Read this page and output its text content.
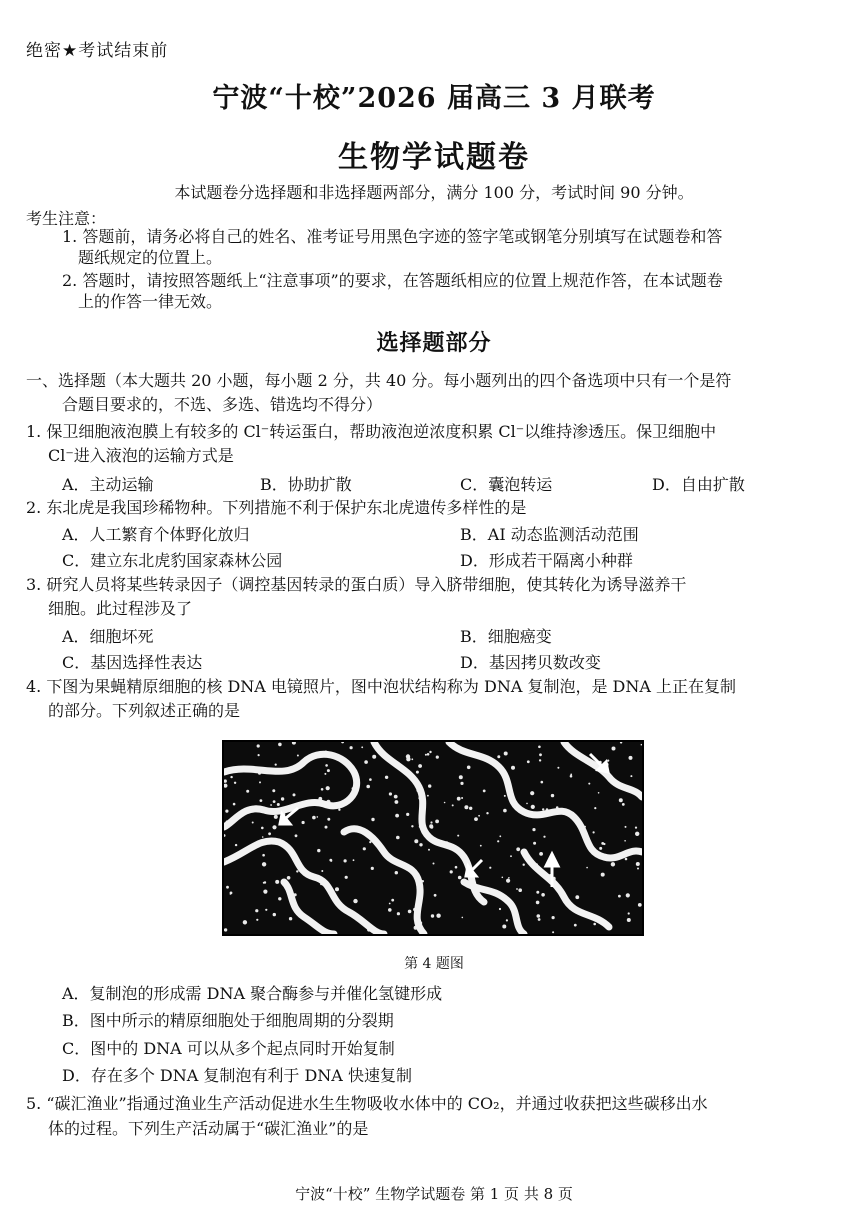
绝密★考试结束前
宁波“十校”2026 届高三 3 月联考
生物学试题卷
本试题卷分选择题和非选择题两部分，满分 100 分，考试时间 90 分钟。
考生注意：
1. 答题前，请务必将自己的姓名、准考证号用黑色字迹的签字笔或钢笔分别填写在试题卷和答
题纸规定的位置上。
2. 答题时，请按照答题纸上“注意事项”的要求，在答题纸相应的位置上规范作答，在本试题卷
上的作答一律无效。
选择题部分
一、选择题（本大题共 20 小题，每小题 2 分，共 40 分。每小题列出的四个备选项中只有一个是符
合题目要求的，不选、多选、错选均不得分）
1. 保卫细胞液泡膜上有较多的 Cl⁻转运蛋白，帮助液泡逆浓度积累 Cl⁻以维持渗透压。保卫细胞中
Cl⁻进入液泡的运输方式是
A．主动运输	B．协助扩散	C．囊泡转运	D．自由扩散
2. 东北虎是我国珍稀物种。下列措施不利于保护东北虎遗传多样性的是
A．人工繁育个体野化放归	B．AI 动态监测活动范围
C．建立东北虎豹国家森林公园	D．形成若干隔离小种群
3. 研究人员将某些转录因子（调控基因转录的蛋白质）导入脐带细胞，使其转化为诱导滋养干
细胞。此过程涉及了
A．细胞坏死	B．细胞癌变
C．基因选择性表达	D．基因拷贝数改变
4. 下图为果蝇精原细胞的核 DNA 电镜照片，图中泡状结构称为 DNA 复制泡，是 DNA 上正在复制
的部分。下列叙述正确的是
第 4 题图
A．复制泡的形成需 DNA 聚合酶参与并催化氢键形成
B．图中所示的精原细胞处于细胞周期的分裂期
C．图中的 DNA 可以从多个起点同时开始复制
D．存在多个 DNA 复制泡有利于 DNA 快速复制
5. “碳汇渔业”指通过渔业生产活动促进水生生物吸收水体中的 CO₂，并通过收获把这些碳移出水
体的过程。下列生产活动属于“碳汇渔业”的是
宁波“十校” 生物学试题卷 第 1 页 共 8 页
